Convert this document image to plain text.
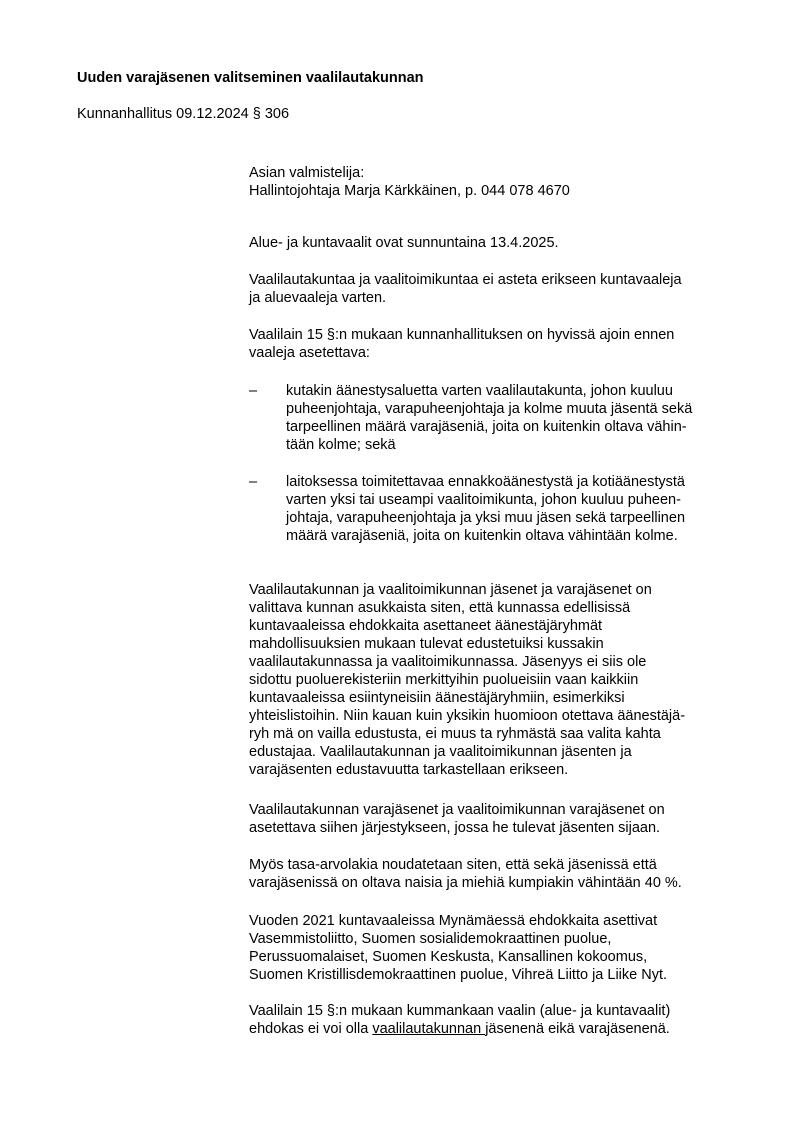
Uuden varajäsenen valitseminen vaalilautakunnan
Kunnanhallitus 09.12.2024 § 306
Asian valmistelija:
Hallintojohtaja Marja Kärkkäinen, p. 044 078 4670
Alue- ja kuntavaalit ovat sunnuntaina 13.4.2025.
Vaalilautakuntaa ja vaalitoimikuntaa ei asteta erikseen kuntavaaleja
ja aluevaaleja varten.
Vaalilain 15 §:n mukaan kunnanhallituksen on hyvissä ajoin ennen
vaaleja asetettava:
– kutakin äänestysaluetta varten vaalilautakunta, johon kuuluu
puheenjohtaja, varapuheenjohtaja ja kolme muuta jäsentä sekä
tarpeellinen määrä varajäseniä, joita on kuitenkin oltava vähin-
tään kolme; sekä
– laitoksessa toimitettavaa ennakkoäänestystä ja kotiäänestystä
varten yksi tai useampi vaalitoimikunta, johon kuuluu puheen-
johtaja, varapuheenjohtaja ja yksi muu jäsen sekä tarpeellinen
määrä varajäseniä, joita on kuitenkin oltava vähintään kolme.
Vaalilautakunnan ja vaalitoimikunnan jäsenet ja varajäsenet on
valittava kunnan asukkaista siten, että kunnassa edellisissä
kuntavaaleissa ehdokkaita asettaneet äänestäjäryhmät
mahdollisuuksien mukaan tulevat edustetuiksi kussakin
vaalilautakunnassa ja vaalitoimikunnassa. Jäsenyys ei siis ole
sidottu puoluerekisteriin merkittyihin puolueisiin vaan kaikkiin
kuntavaaleissa esiintyneisiin äänestäjäryhmiin, esimerkiksi
yhteislistoihin. Niin kauan kuin yksikin huomioon otettava äänestäjä-
ryh mä on vailla edustusta, ei muus ta ryhmästä saa valita kahta
edustajaa. Vaalilautakunnan ja vaalitoimikunnan jäsenten ja
varajäsenten edustavuutta tarkastellaan erikseen.
Vaalilautakunnan varajäsenet ja vaalitoimikunnan varajäsenet on
asetettava siihen järjestykseen, jossa he tulevat jäsenten sijaan.
Myös tasa-arvolakia noudatetaan siten, että sekä jäsenissä että
varajäsenissä on oltava naisia ja miehiä kumpiakin vähintään 40 %.
Vuoden 2021 kuntavaaleissa Mynämäessä ehdokkaita asettivat
Vasemmistoliitto, Suomen sosialidemokraattinen puolue,
Perussuomalaiset, Suomen Keskusta, Kansallinen kokoomus,
Suomen Kristillisdemokraattinen puolue, Vihreä Liitto ja Liike Nyt.
Vaalilain 15 §:n mukaan kummankaan vaalin (alue- ja kuntavaalit)
ehdokas ei voi olla vaalilautakunnan jäsenenä eikä varajäsenenä.
